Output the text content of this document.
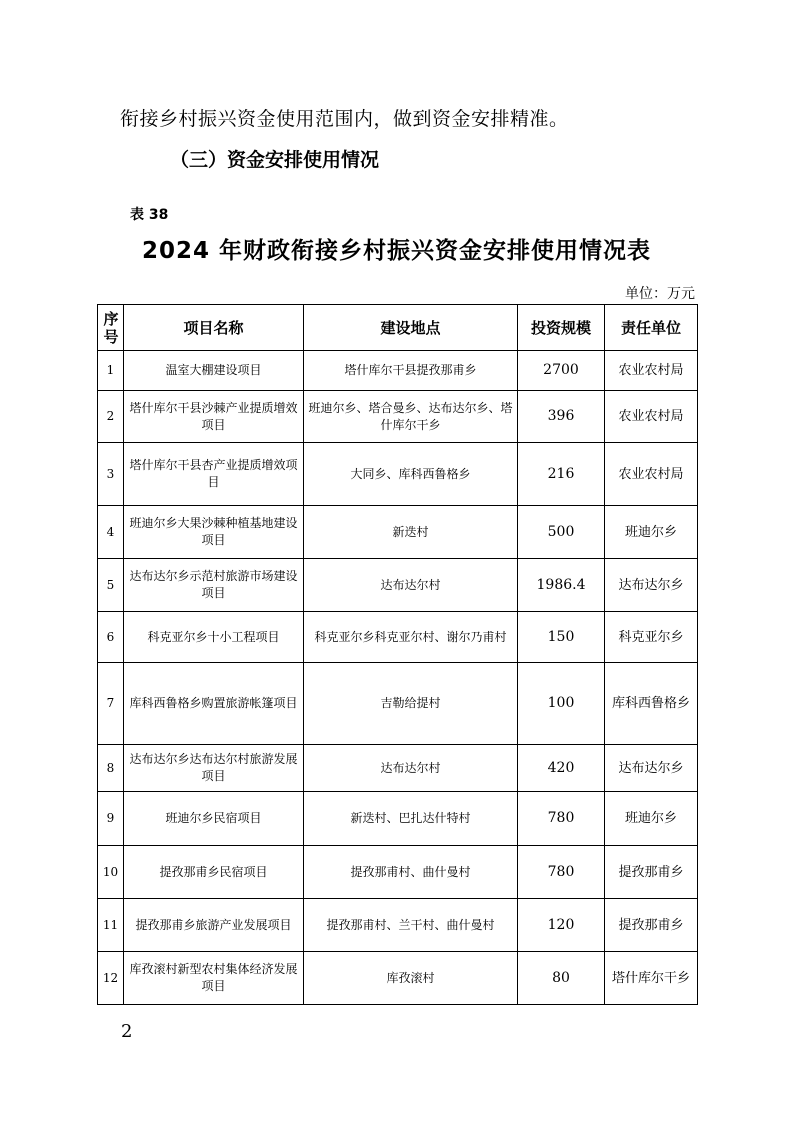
衔接乡村振兴资金使用范围内，做到资金安排精准。
（三）资金安排使用情况
表 38
2024 年财政衔接乡村振兴资金安排使用情况表
单位：万元
序号	项目名称	建设地点	投资规模	责任单位
1	温室大棚建设项目	塔什库尔干县提孜那甫乡	2700	农业农村局
2	塔什库尔干县沙棘产业提质增效项目	班迪尔乡、塔合曼乡、达布达尔乡、塔什库尔干乡	396	农业农村局
3	塔什库尔干县杏产业提质增效项目	大同乡、库科西鲁格乡	216	农业农村局
4	班迪尔乡大果沙棘种植基地建设项目	新迭村	500	班迪尔乡
5	达布达尔乡示范村旅游市场建设项目	达布达尔村	1986.4	达布达尔乡
6	科克亚尔乡十小工程项目	科克亚尔乡科克亚尔村、谢尔乃甫村	150	科克亚尔乡
7	库科西鲁格乡购置旅游帐篷项目	吉勒给提村	100	库科西鲁格乡
8	达布达尔乡达布达尔村旅游发展项目	达布达尔村	420	达布达尔乡
9	班迪尔乡民宿项目	新迭村、巴扎达什特村	780	班迪尔乡
10	提孜那甫乡民宿项目	提孜那甫村、曲什曼村	780	提孜那甫乡
11	提孜那甫乡旅游产业发展项目	提孜那甫村、兰干村、曲什曼村	120	提孜那甫乡
12	库孜滚村新型农村集体经济发展项目	库孜滚村	80	塔什库尔干乡
2
